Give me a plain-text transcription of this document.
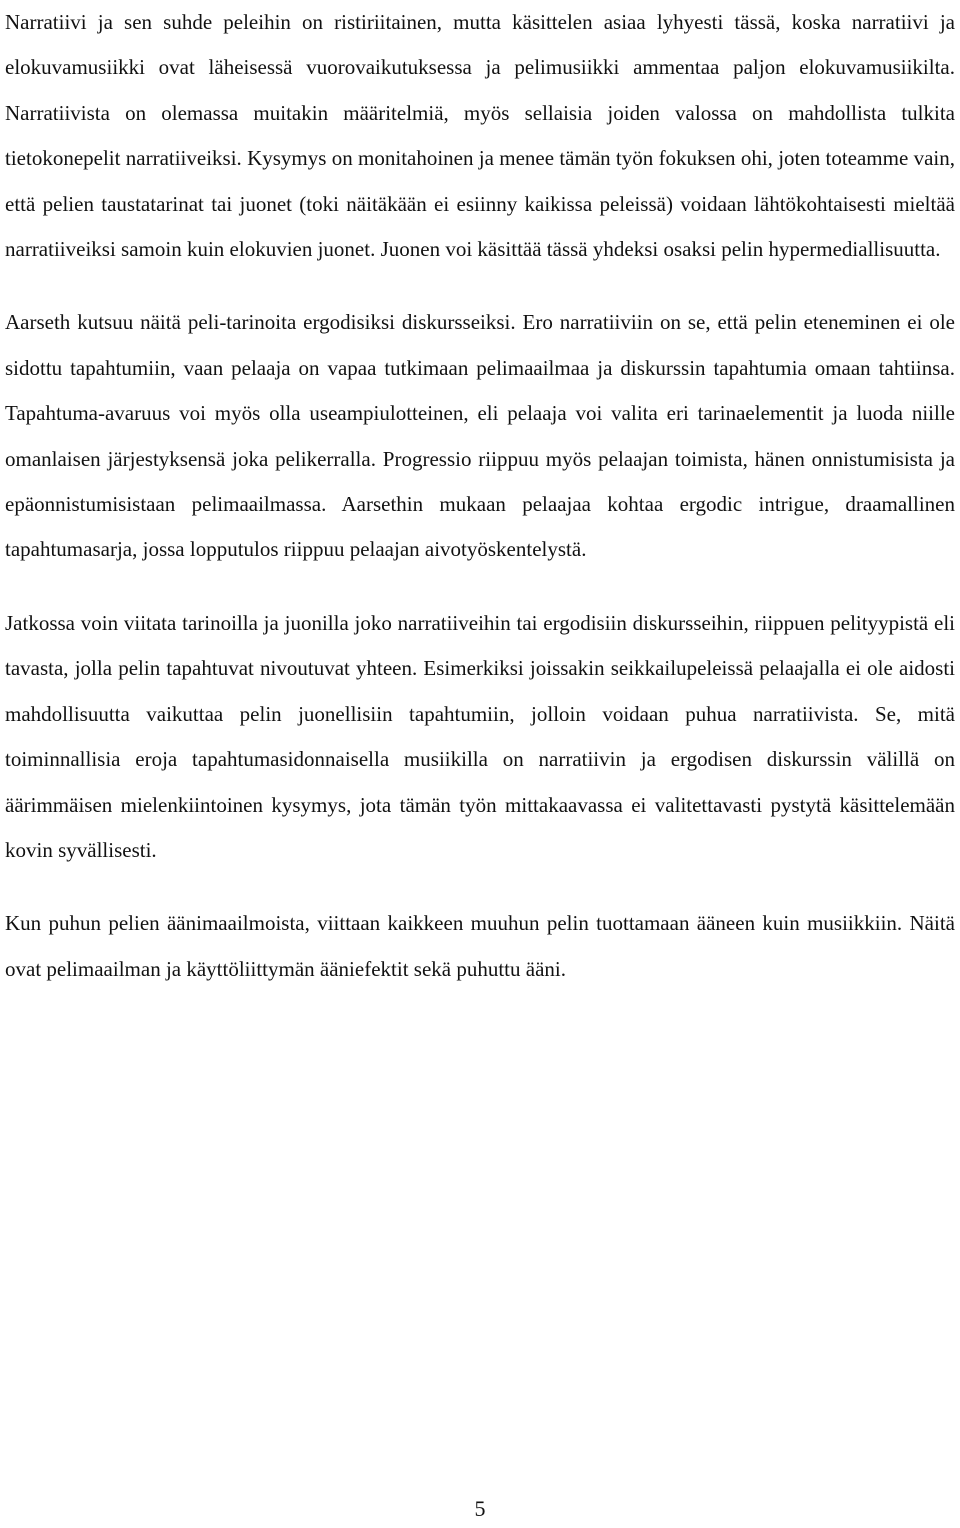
Narratiivi ja sen suhde peleihin on ristiriitainen, mutta käsittelen asiaa lyhyesti tässä, koska narratiivi ja elokuvamusiikki ovat läheisessä vuorovaikutuksessa ja pelimusiikki ammentaa paljon elokuvamusiikilta. Narratiivista on olemassa muitakin määritelmiä, myös sellaisia joiden valossa on mahdollista tulkita tietokonepelit narratiiveiksi. Kysymys on monitahoinen ja menee tämän työn fokuksen ohi, joten toteamme vain, että pelien taustatarinat tai juonet (toki näitäkään ei esiinny kaikissa peleissä) voidaan lähtökohtaisesti mieltää narratiiveiksi samoin kuin elokuvien juonet. Juonen voi käsittää tässä yhdeksi osaksi pelin hypermediallisuutta.

Aarseth kutsuu näitä peli-tarinoita ergodisiksi diskursseiksi. Ero narratiiviin on se, että pelin eteneminen ei ole sidottu tapahtumiin, vaan pelaaja on vapaa tutkimaan pelimaailmaa ja diskurssin tapahtumia omaan tahtiinsa. Tapahtuma-avaruus voi myös olla useampiulotteinen, eli pelaaja voi valita eri tarinaelementit ja luoda niille omanlaisen järjestyksensä joka pelikerralla. Progressio riippuu myös pelaajan toimista, hänen onnistumisista ja epäonnistumisistaan pelimaailmassa. Aarsethin mukaan pelaajaa kohtaa ergodic intrigue, draamallinen tapahtumasarja, jossa lopputulos riippuu pelaajan aivotyöskentelystä.

Jatkossa voin viitata tarinoilla ja juonilla joko narratiiveihin tai ergodisiin diskursseihin, riippuen pelityypistä eli tavasta, jolla pelin tapahtuvat nivoutuvat yhteen. Esimerkiksi joissakin seikkailupeleissä pelaajalla ei ole aidosti mahdollisuutta vaikuttaa pelin juonellisiin tapahtumiin, jolloin voidaan puhua narratiivista. Se, mitä toiminnallisia eroja tapahtumasidonnaisella musiikilla on narratiivin ja ergodisen diskurssin välillä on äärimmäisen mielenkiintoinen kysymys, jota tämän työn mittakaavassa ei valitettavasti pystytä käsittelemään kovin syvällisesti.

Kun puhun pelien äänimaailmoista, viittaan kaikkeen muuhun pelin tuottamaan ääneen kuin musiikkiin. Näitä ovat pelimaailman ja käyttöliittymän ääniefektit sekä puhuttu ääni.

5
